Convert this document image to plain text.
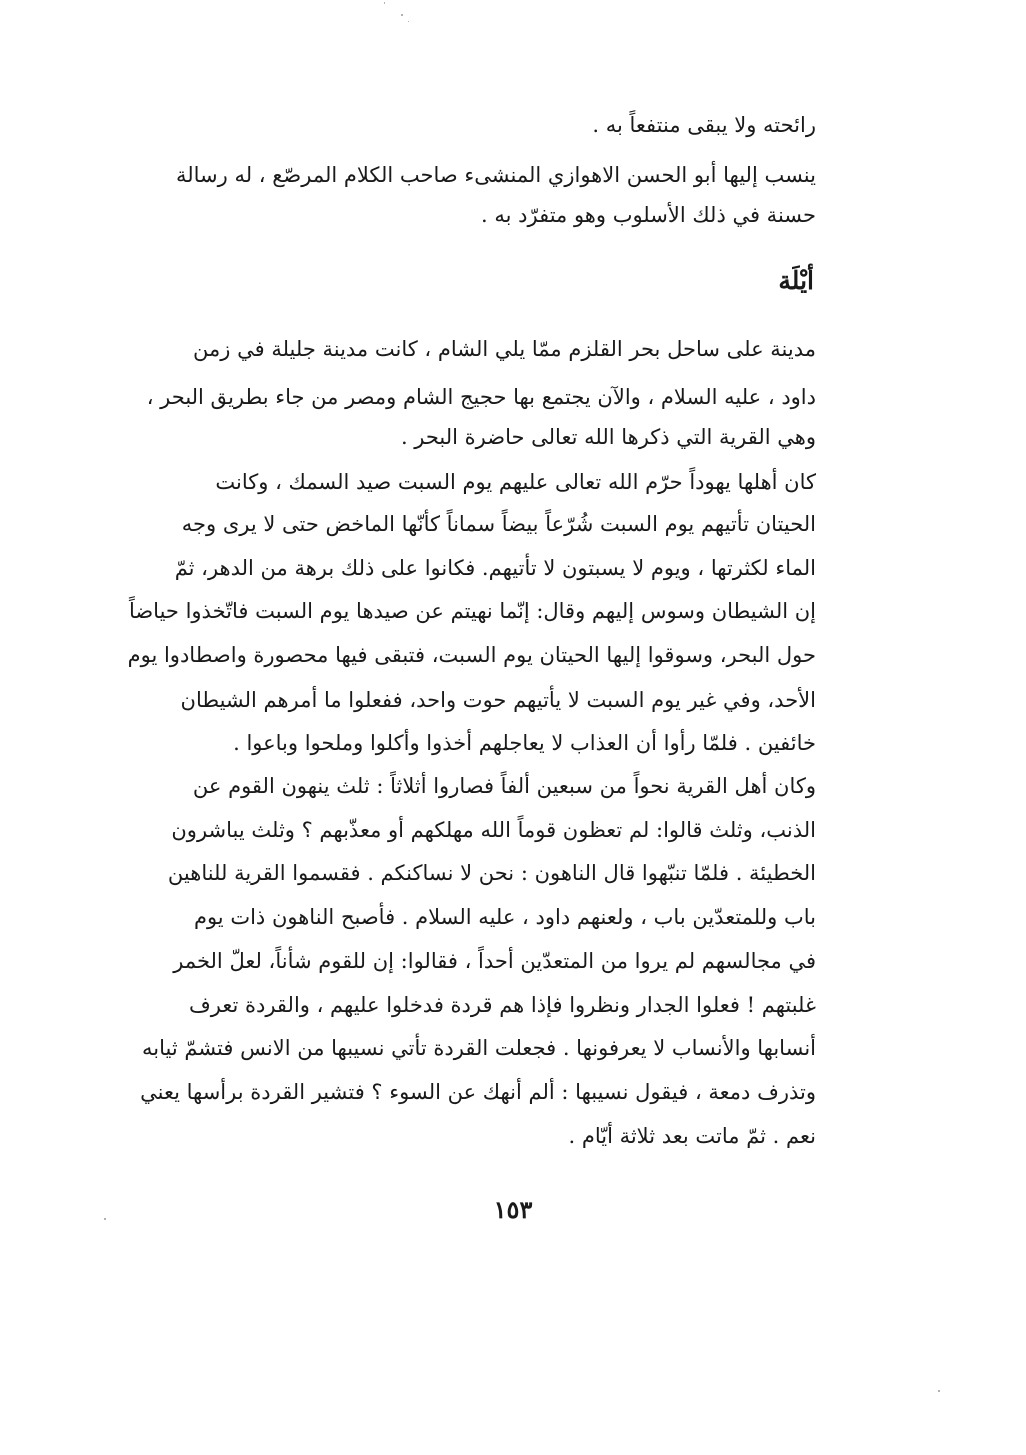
رائحته ولا يبقى منتفعاً به .
ينسب إليها أبو الحسن الاهوازي المنشىء صاحب الكلام المرصّع ، له رسالة
حسنة في ذلك الأسلوب وهو متفرّد به .
أيْلَة
مدينة على ساحل بحر القلزم ممّا يلي الشام ، كانت مدينة جليلة في زمن
داود ، عليه السلام ، والآن يجتمع بها حجيج الشام ومصر من جاء بطريق البحر ،
وهي القرية التي ذكرها الله تعالى حاضرة البحر .
كان أهلها يهوداً حرّم الله تعالى عليهم يوم السبت صيد السمك ، وكانت
الحيتان تأتيهم يوم السبت شُرّعاً بيضاً سماناً كأنّها الماخض حتى لا يرى وجه
الماء لكثرتها ، ويوم لا يسبتون لا تأتيهم. فكانوا على ذلك برهة من الدهر، ثمّ
إن الشيطان وسوس إليهم وقال: إنّما نهيتم عن صيدها يوم السبت فاتّخذوا حياضاً
حول البحر، وسوقوا إليها الحيتان يوم السبت، فتبقى فيها محصورة واصطادوا يوم
الأحد، وفي غير يوم السبت لا يأتيهم حوت واحد، ففعلوا ما أمرهم الشيطان
خائفين . فلمّا رأوا أن العذاب لا يعاجلهم أخذوا وأكلوا وملحوا وباعوا .
وكان أهل القرية نحواً من سبعين ألفاً فصاروا أثلاثاً : ثلث ينهون القوم عن
الذنب، وثلث قالوا: لم تعظون قوماً الله مهلكهم أو معذّبهم ؟ وثلث يباشرون
الخطيئة . فلمّا تنبّهوا قال الناهون : نحن لا نساكنكم . فقسموا القرية للناهين
باب وللمتعدّين باب ، ولعنهم داود ، عليه السلام . فأصبح الناهون ذات يوم
في مجالسهم لم يروا من المتعدّين أحداً ، فقالوا: إن للقوم شأناً، لعلّ الخمر
غلبتهم ! فعلوا الجدار ونظروا فإذا هم قردة فدخلوا عليهم ، والقردة تعرف
أنسابها والأنساب لا يعرفونها . فجعلت القردة تأتي نسيبها من الانس فتشمّ ثيابه
وتذرف دمعة ، فيقول نسيبها : ألم أنهك عن السوء ؟ فتشير القردة برأسها يعني
نعم . ثمّ ماتت بعد ثلاثة أيّام .
١٥٣
